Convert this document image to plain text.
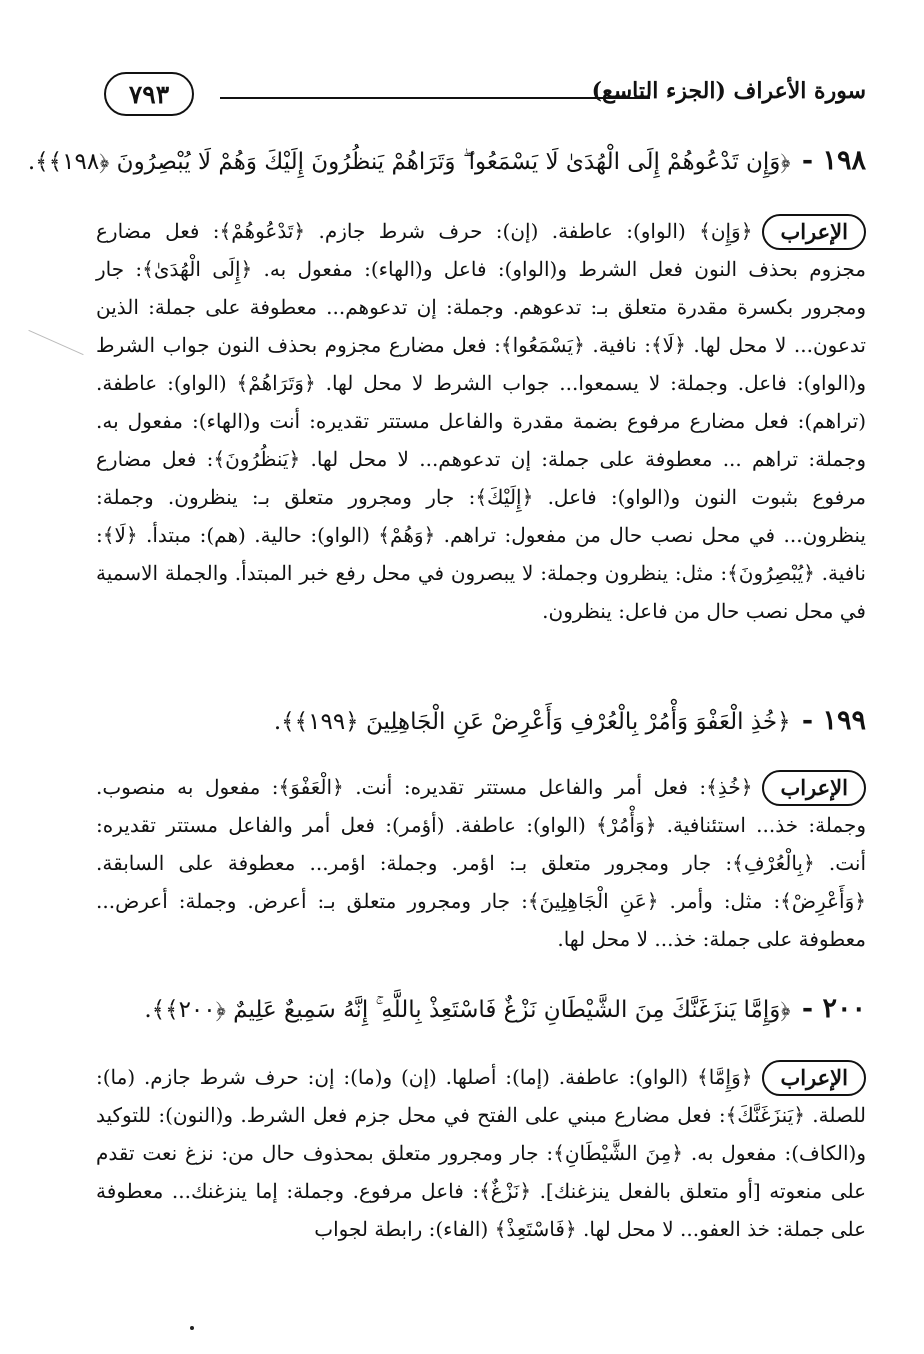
٧٩٣	سورة الأعراف (الجزء التاسع)
١٩٨ - ﴿وَإِن تَدْعُوهُمْ إِلَى الْهُدَىٰ لَا يَسْمَعُوا ۖ وَتَرَاهُمْ يَنظُرُونَ إِلَيْكَ وَهُمْ لَا يُبْصِرُونَ ﴿١٩٨﴾﴾.
الإعراب

﴿وَإِن﴾ (الواو): عاطفة. (إن): حرف شرط جازم. ﴿تَدْعُوهُمْ﴾: فعل مضارع مجزوم بحذف النون فعل الشرط و(الواو): فاعل و(الهاء): مفعول به. ﴿إِلَى الْهُدَىٰ﴾: جار ومجرور بكسرة مقدرة متعلق بـ: تدعوهم. وجملة: إن تدعوهم... معطوفة على جملة: الذين تدعون... لا محل لها. ﴿لَا﴾: نافية. ﴿يَسْمَعُوا﴾: فعل مضارع مجزوم بحذف النون جواب الشرط و(الواو): فاعل. وجملة: لا يسمعوا... جواب الشرط لا محل لها. ﴿وَتَرَاهُمْ﴾ (الواو): عاطفة. (تراهم): فعل مضارع مرفوع بضمة مقدرة والفاعل مستتر تقديره: أنت و(الهاء): مفعول به. وجملة: تراهم ... معطوفة على جملة: إن تدعوهم... لا محل لها. ﴿يَنظُرُونَ﴾: فعل مضارع مرفوع بثبوت النون و(الواو): فاعل. ﴿إِلَيْكَ﴾: جار ومجرور متعلق بـ: ينظرون. وجملة: ينظرون... في محل نصب حال من مفعول: تراهم. ﴿وَهُمْ﴾ (الواو): حالية. (هم): مبتدأ. ﴿لَا﴾: نافية. ﴿يُبْصِرُونَ﴾: مثل: ينظرون وجملة: لا يبصرون في محل رفع خبر المبتدأ. والجملة الاسمية في محل نصب حال من فاعل: ينظرون.

١٩٩ - ﴿خُذِ الْعَفْوَ وَأْمُرْ بِالْعُرْفِ وَأَعْرِضْ عَنِ الْجَاهِلِينَ ﴿١٩٩﴾﴾.
الإعراب

﴿خُذِ﴾: فعل أمر والفاعل مستتر تقديره: أنت. ﴿الْعَفْوَ﴾: مفعول به منصوب. وجملة: خذ... استئنافية. ﴿وَأْمُرْ﴾ (الواو): عاطفة. (أؤمر): فعل أمر والفاعل مستتر تقديره: أنت. ﴿بِالْعُرْفِ﴾: جار ومجرور متعلق بـ: اؤمر. وجملة: اؤمر... معطوفة على السابقة. ﴿وَأَعْرِضْ﴾: مثل: وأمر. ﴿عَنِ الْجَاهِلِينَ﴾: جار ومجرور متعلق بـ: أعرض. وجملة: أعرض... معطوفة على جملة: خذ... لا محل لها.

٢٠٠ - ﴿وَإِمَّا يَنزَغَنَّكَ مِنَ الشَّيْطَانِ نَزْغٌ فَاسْتَعِذْ بِاللَّهِ ۚ إِنَّهُ سَمِيعٌ عَلِيمٌ ﴿٢٠٠﴾﴾.
الإعراب

﴿وَإِمَّا﴾ (الواو): عاطفة. (إما): أصلها. (إن) و(ما): إن: حرف شرط جازم. (ما): للصلة. ﴿يَنزَغَنَّكَ﴾: فعل مضارع مبني على الفتح في محل جزم فعل الشرط. و(النون): للتوكيد و(الكاف): مفعول به. ﴿مِنَ الشَّيْطَانِ﴾: جار ومجرور متعلق بمحذوف حال من: نزغ نعت تقدم على منعوته [أو متعلق بالفعل ينزغنك]. ﴿نَزْغٌ﴾: فاعل مرفوع. وجملة: إما ينزغنك... معطوفة على جملة: خذ العفو... لا محل لها. ﴿فَاسْتَعِذْ﴾ (الفاء): رابطة لجواب
